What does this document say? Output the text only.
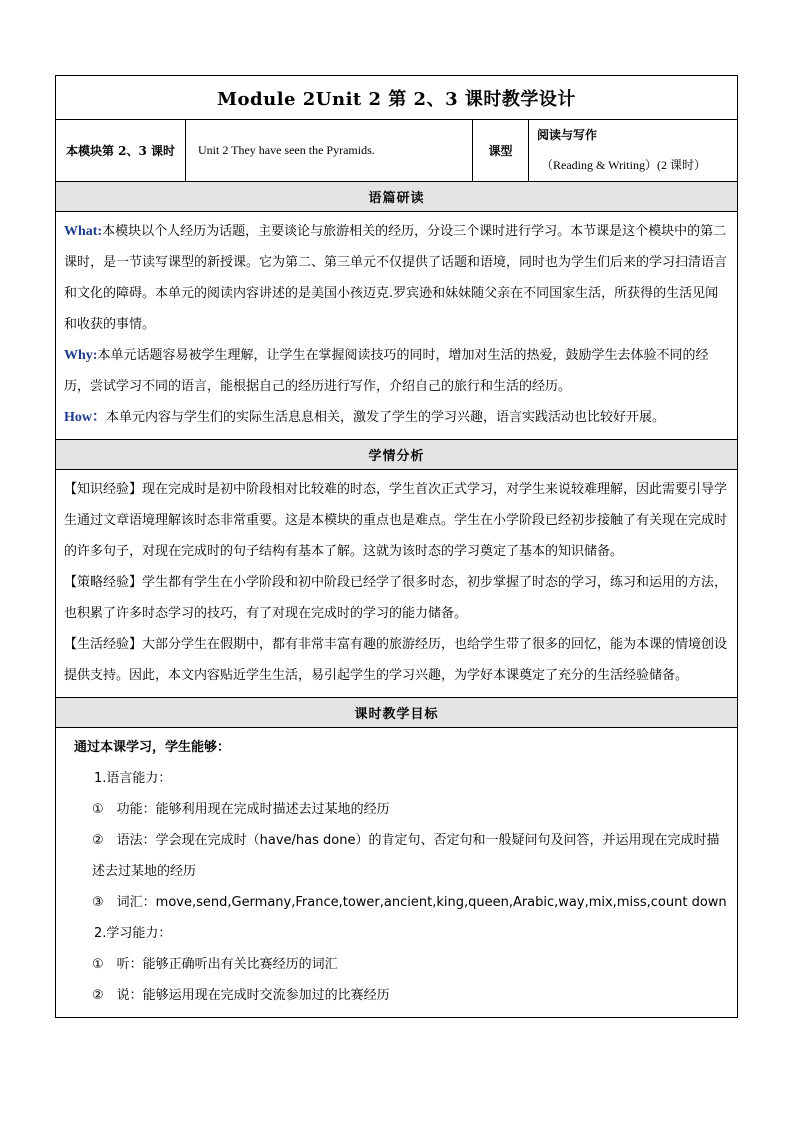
Module 2Unit 2 第 2、3 课时教学设计
本模块第 2、3 课时	Unit 2 They have seen the Pyramids.	课型
阅读与写作
（Reading & Writing）(2 课时）
语篇研读

What:本模块以个人经历为话题，主要谈论与旅游相关的经历，分设三个课时进行学习。本节课是这个模块中的第二课时，是一节读写课型的新授课。它为第二、第三单元不仅提供了话题和语境，同时也为学生们后来的学习扫清语言和文化的障碍。本单元的阅读内容讲述的是美国小孩迈克.罗宾逊和妹妹随父亲在不同国家生活，所获得的生活见闻和收获的事情。

Why:本单元话题容易被学生理解，让学生在掌握阅读技巧的同时，增加对生活的热爱，鼓励学生去体验不同的经历，尝试学习不同的语言，能根据自己的经历进行写作，介绍自己的旅行和生活的经历。

How：本单元内容与学生们的实际生活息息相关，激发了学生的学习兴趣，语言实践活动也比较好开展。

学情分析

【知识经验】现在完成时是初中阶段相对比较难的时态，学生首次正式学习，对学生来说较难理解，因此需要引导学生通过文章语境理解该时态非常重要。这是本模块的重点也是难点。学生在小学阶段已经初步接触了有关现在完成时的许多句子，对现在完成时的句子结构有基本了解。这就为该时态的学习奠定了基本的知识储备。

【策略经验】学生都有学生在小学阶段和初中阶段已经学了很多时态，初步掌握了时态的学习，练习和运用的方法，也积累了许多时态学习的技巧，有了对现在完成时的学习的能力储备。

【生活经验】大部分学生在假期中，都有非常丰富有趣的旅游经历，也给学生带了很多的回忆，能为本课的情境创设提供支持。因此，本文内容贴近学生生活，易引起学生的学习兴趣，为学好本课奠定了充分的生活经验储备。

课时教学目标

通过本课学习，学生能够：

1.语言能力：

①　功能：能够利用现在完成时描述去过某地的经历

②　语法：学会现在完成时（have/has done）的肯定句、否定句和一般疑问句及问答，并运用现在完成时描述去过某地的经历

③　词汇：move,send,Germany,France,tower,ancient,king,queen,Arabic,way,mix,miss,count down

2.学习能力：

①　听：能够正确听出有关比赛经历的词汇

②　说：能够运用现在完成时交流参加过的比赛经历
